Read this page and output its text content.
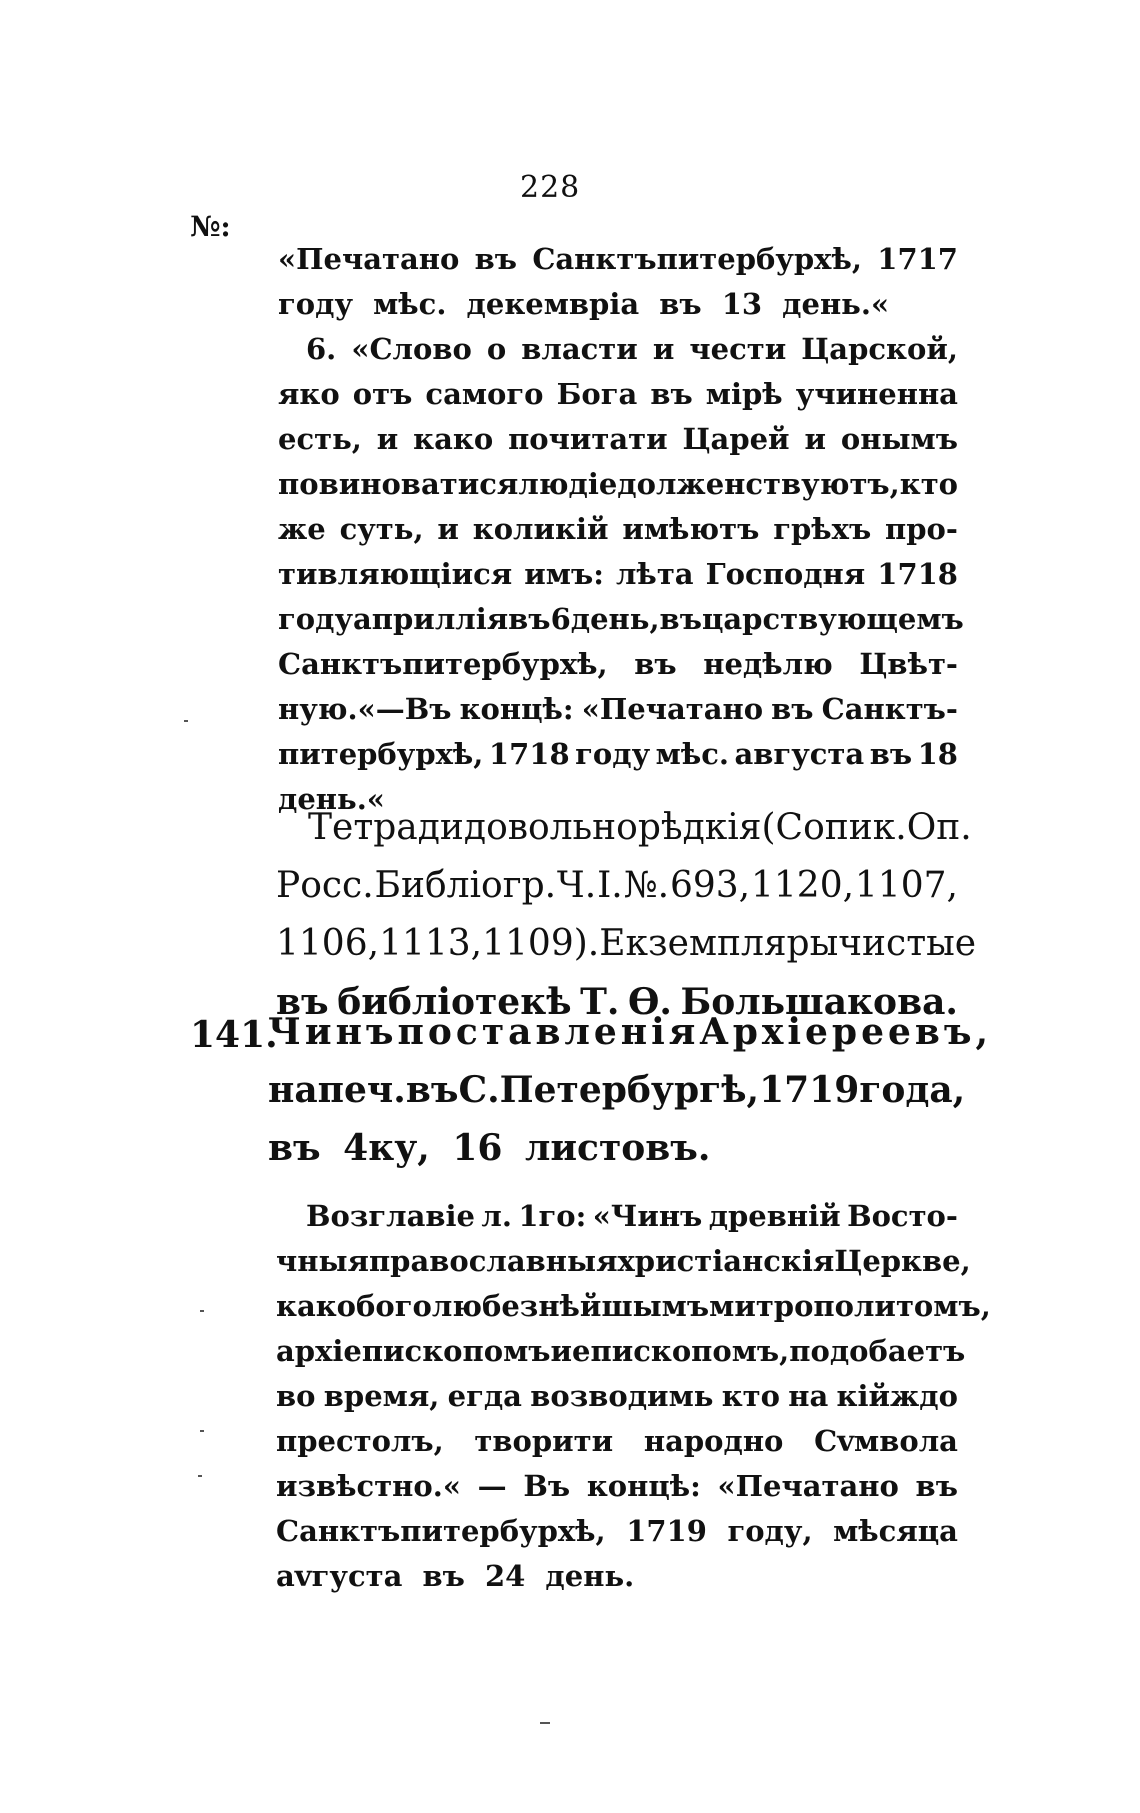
228
№:
«Печатано въ Санктъпитербурхѣ, 1717
году мѣс. декемвріа въ 13 день.«
6. «Слово о власти и чести Царской,
яко отъ самого Бога въ мірѣ учиненна
есть, и како почитати Царей и онымъ
повиноватися людіе долженствуютъ, кто
же суть, и коликій имѣютъ грѣхъ про-
тивляющіися имъ: лѣта Господня 1718
году априллія въ 6 день, въ царствующемъ
Санктъпитербурхѣ, въ недѣлю Цвѣт-
ную.«—Въ концѣ: «Печатано въ Санктъ-
питербурхѣ, 1718 году мѣс. августа въ 18
день.«
Тетради довольно рѣдкія (Сопик. Оп.
Росс. Библіогр. Ч. I. №. 693, 1120, 1107,
1106, 1113, 1109). Екземпляры чистые
въ библіотекѣ Т. Ѳ. Большакова.
141.
Чинъ поставленія Архіереевъ,
напеч. въ С. Петербургѣ, 1719 года,
въ 4ку, 16 листовъ.
Возглавіе л. 1го: «Чинъ древній Восто-
чныя православныя христіанскія Церкве,
како боголюбезнѣйшымъ митрополитомъ,
архіепископомъ и епископомъ, подобаетъ
во время, егда возводимь кто на кійждо
престолъ, творити народно Сvмвола
извѣстно.« — Въ концѣ: «Печатано въ
Санктъпитербурхѣ, 1719 году, мѣсяца
аvгуста въ 24 день.
